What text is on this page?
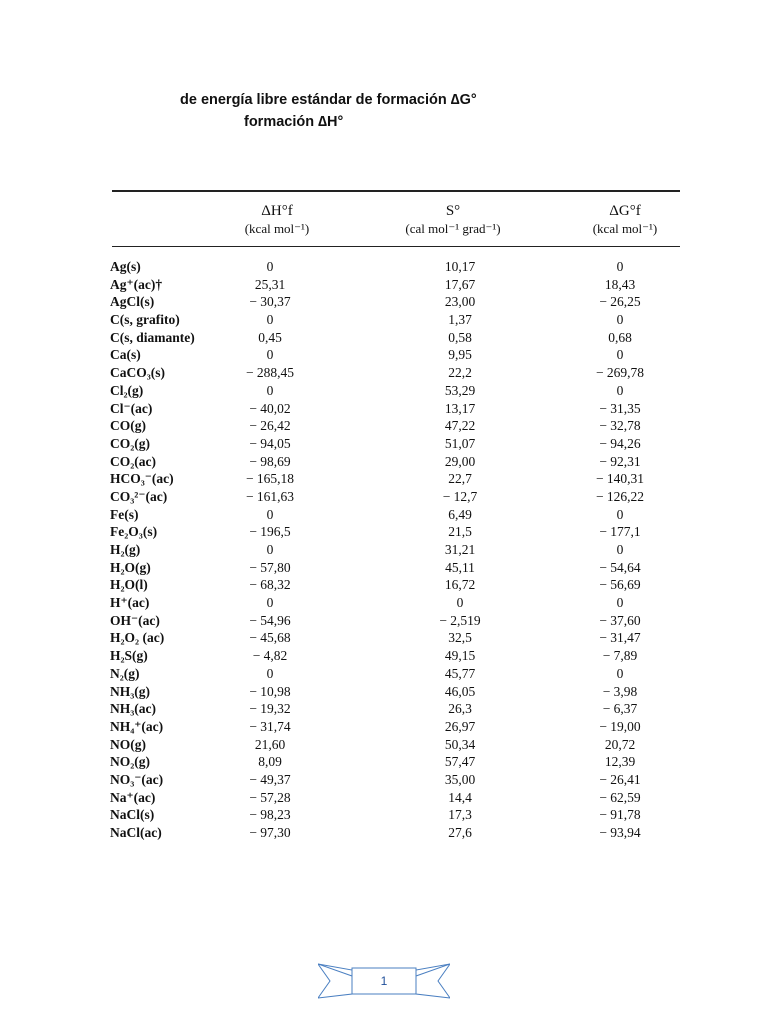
de energía libre estándar de formación ∆G°
formación ∆H°
ΔH°f
(kcal mol⁻¹)
S°
(cal mol⁻¹ grad⁻¹)
ΔG°f
(kcal mol⁻¹)
Ag(s)	0	10,17	0
Ag⁺(ac)†	25,31	17,67	18,43
AgCl(s)	− 30,37	23,00	− 26,25
C(s, grafito)	0	1,37	0
C(s, diamante)	0,45	0,58	0,68
Ca(s)	0	9,95	0
CaCO₃(s)	− 288,45	22,2	− 269,78
Cl₂(g)	0	53,29	0
Cl⁻(ac)	− 40,02	13,17	− 31,35
CO(g)	− 26,42	47,22	− 32,78
CO₂(g)	− 94,05	51,07	− 94,26
CO₂(ac)	− 98,69	29,00	− 92,31
HCO₃⁻(ac)	− 165,18	22,7	− 140,31
CO₃²⁻(ac)	− 161,63	− 12,7	− 126,22
Fe(s)	0	6,49	0
Fe₂O₃(s)	− 196,5	21,5	− 177,1
H₂(g)	0	31,21	0
H₂O(g)	− 57,80	45,11	− 54,64
H₂O(l)	− 68,32	16,72	− 56,69
H⁺(ac)	0	0	0
OH⁻(ac)	− 54,96	− 2,519	− 37,60
H₂O₂ (ac)	− 45,68	32,5	− 31,47
H₂S(g)	− 4,82	49,15	− 7,89
N₂(g)	0	45,77	0
NH₃(g)	− 10,98	46,05	− 3,98
NH₃(ac)	− 19,32	26,3	− 6,37
NH₄⁺(ac)	− 31,74	26,97	− 19,00
NO(g)	21,60	50,34	20,72
NO₂(g)	8,09	57,47	12,39
NO₃⁻(ac)	− 49,37	35,00	− 26,41
Na⁺(ac)	− 57,28	14,4	− 62,59
NaCl(s)	− 98,23	17,3	− 91,78
NaCl(ac)	− 97,30	27,6	− 93,94
1
